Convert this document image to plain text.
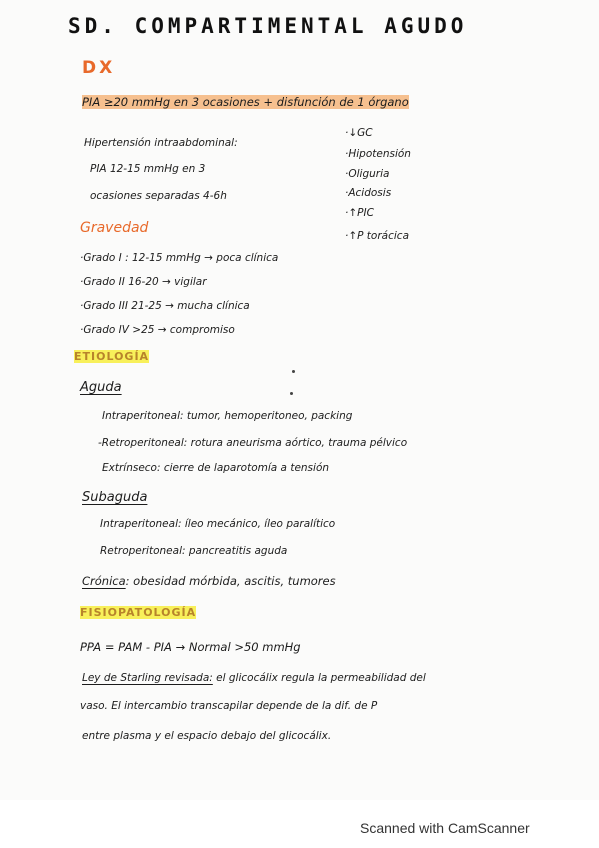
SD. COMPARTIMENTAL AGUDO
DX
PIA ≥20 mmHg en 3 ocasiones + disfunción de 1 órgano
Hipertensión intraabdominal:
PIA 12-15 mmHg en 3
ocasiones separadas 4-6h
·↓GC
·Hipotensión
·Oliguria
·Acidosis
·↑PIC
·↑P torácica
Gravedad
·Grado I : 12-15 mmHg → poca clínica
·Grado II 16-20 → vigilar
·Grado III 21-25 → mucha clínica
·Grado IV >25 → compromiso
ETIOLOGÍA
Aguda
Intraperitoneal: tumor, hemoperitoneo, packing
-Retroperitoneal: rotura aneurisma aórtico, trauma pélvico
Extrínseco: cierre de laparotomía a tensión
Subaguda
Intraperitoneal: íleo mecánico, íleo paralítico
Retroperitoneal: pancreatitis aguda
Crónica: obesidad mórbida, ascitis, tumores
FISIOPATOLOGÍA
PPA = PAM - PIA → Normal >50 mmHg
Ley de Starling revisada: el glicocálix regula la permeabilidad del
vaso. El intercambio transcapilar depende de la dif. de P
entre plasma y el espacio debajo del glicocálix.
Scanned with CamScanner
